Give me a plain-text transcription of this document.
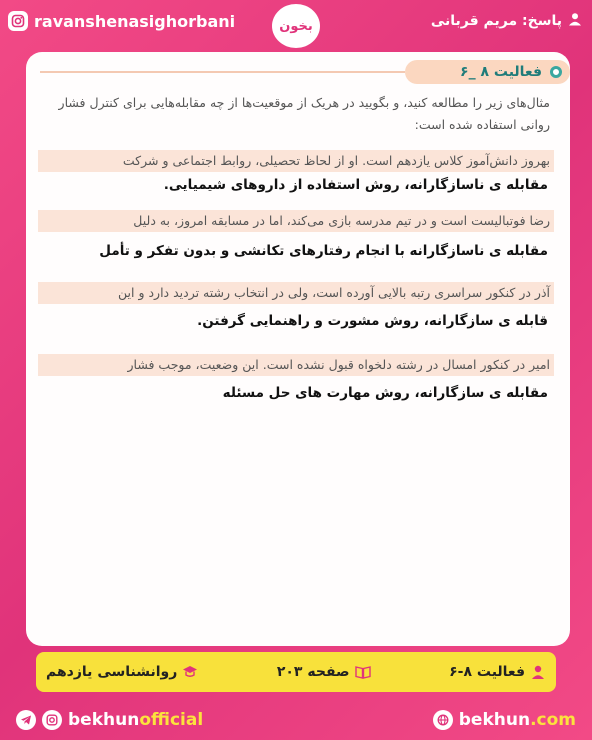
ravanshenasighorbani	بخون	پاسخ: مریم قربانی
فعالیت ۸ _۶
مثال‌های زیر را مطالعه کنید، و بگویید در هریک از موقعیت‌ها از چه مقابله‌هایی برای کنترل فشار روانی استفاده شده است:
بهروز دانش‌آموز کلاس یازدهم است. او از لحاظ تحصیلی، روابط اجتماعی و شرکت
مقابله ی ناسازگارانه، روش استفاده از داروهای شیمیایی.
رضا فوتبالیست است و در تیم مدرسه بازی می‌کند، اما در مسابقه امروز، به دلیل
مقابله ی ناسازگارانه با انجام رفتارهای تکانشی و بدون تفکر و تأمل
آذر در کنکور سراسری رتبه بالایی آورده است، ولی در انتخاب رشته تردید دارد و این
قابله ی سازگارانه، روش مشورت و راهنمایی گرفتن.
امیر در کنکور امسال در رشته دلخواه قبول نشده است. این وضعیت، موجب فشار
مقابله ی سازگارانه، روش مهارت های حل مسئله
فعالیت ۸-۶
صفحه ۲۰۳
روانشناسی یازدهم
bekhunofficial	bekhun.com
